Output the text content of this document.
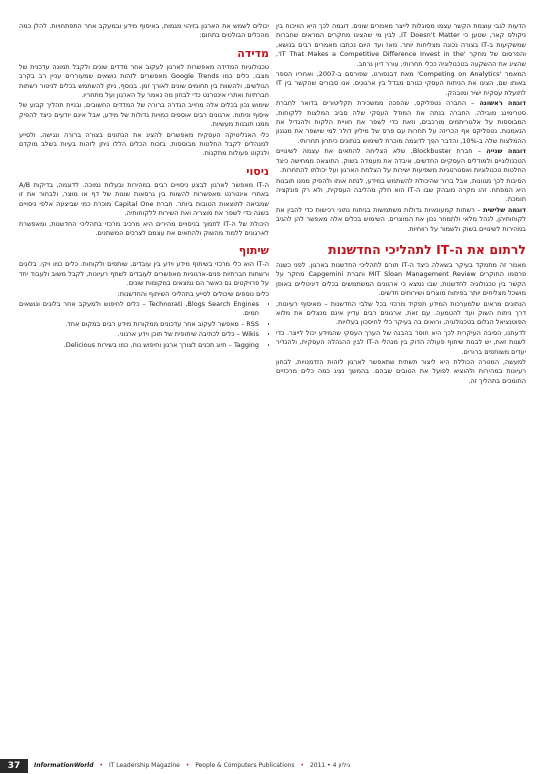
הדעות לגבי עוצמת הקשר עצמו מסוגלות לייצר מאמרים שונים. דוגמה לכך היא הוויכוח בין ניקולס קאר, שטען כי IT Doesn't Matter, לבין מי שהציגו מחקרים המראים שחברות שמשקיעות ב-IT בצורה נכונה מצליחות יותר. מאז ועד היום נכתבו מאמרים רבים בנושא, והפרסום של מחקר 'IT That Makes a Competitive Difference Invest in the', שהציג את ההשקעה בטכנולוגיה ככלי תחרותי, עורר דיון נרחב.

המאמר 'Competing on Analytics' מאת דבנפורט, שפורסם ב-2007, ואחריו הספר באותו שם, הציגו את הניתוח העסקי כגורם מבדל בין ארגונים. אנו סבורים שהקשר בין IT לתועלת עסקית ישיר ומובהק.

דוגמה ראשונה – החברה נטפליקס, שהפכה ממשכירת תקליטורים בדואר לחברת סטרימינג מובילה. החברה בנתה את המודל העסקי שלה סביב המלצות ללקוחות, המבוססות על אלגוריתמים מורכבים, וזאת כדי לשפר את חוויית הלקוח ולהגדיל את הנאמנות. נטפליקס אף הכריזה על תחרות עם פרס של מיליון דולר למי שישפר את מנגנון ההמלצות שלה ב-10%, והדבר הפך לדוגמה מוכרת לשימוש בנתונים כיתרון תחרותי.

דוגמה שנייה – חברת Blockbuster, שלא הצליחה להתאים את עצמה לשינויים הטכנולוגיים ולמודלים העסקיים החדשים, איבדה את מעמדה בשוק. התוצאה ממחישה כיצד החלטות טכנולוגיות ואסטרטגיות משפיעות ישירות על הצלחת הארגון ועל יכולתו להתחרות.

הסיבות לכך מגוונות, אבל ברור שהיכולת להשתמש במידע, לנתח אותו ולהפיק ממנו תובנות היא המפתח. זהו מקרה מובהק שבו ה-IT הוא חלק מהליבה העסקית, ולא רק פונקציה תומכת.

דוגמה שלישית – רשתות קמעונאיות גדולות משתמשות בניתוח נתוני רכישות כדי להבין את לקוחותיהן, לנהל מלאי ולתמחר נכון את המוצרים. השימוש בכלים אלה מאפשר להן להגיב במהירות לשינויים בשוק ולשמור על רווחיות.

לרתום את ה-IT לתהליכי החדשנות

מאמר זה מתמקד בעיקר בשאלה כיצד ה-IT תורם לתהליכי החדשנות בארגון. לפני כשנה פרסמו החוקרים MIT Sloan Management Review וחברת Capgemini מחקר על הקשר בין טכנולוגיה לחדשנות, שבו נמצא כי ארגונים המשתמשים בכלים דיגיטליים באופן מושכל מצליחים יותר בפיתוח מוצרים ושירותים חדשים.

הנתונים מראים שלמערכות המידע תפקיד מרכזי בכל שלבי החדשנות – מאיסוף רעיונות, דרך ניתוח השוק ועד להטמעה. עם זאת, ארגונים רבים עדיין אינם מנצלים את מלוא הפוטנציאל הגלום בטכנולוגיה, ורואים בה בעיקר כלי לחיסכון בעלויות.

לדעתנו, הסיבה העיקרית לכך היא חוסר בהבנה של הערך העסקי שהמידע יכול לייצר. כדי לשנות זאת, יש לבנות שיתוף פעולה הדוק בין מנהלי ה-IT לבין ההנהלה העסקית, ולהגדיר יעדים משותפים ברורים.

למעשה, המטרה הכוללת היא ליצור תשתית שתאפשר לארגון לזהות הזדמנויות, לבחון רעיונות במהירות ולהוציא לפועל את הטובים שבהם. בהמשך נציג כמה כלים מרכזיים התומכים בתהליך זה.

יכולים לשמש את הארגון בזיהוי מגמות, באיסוף מידע ובמעקב אחר התפתחויות. להלן כמה מהכלים הבולטים בתחום:

מדידה

טכנולוגיות המדידה מאפשרות לארגון לעקוב אחר מדדים שונים ולקבל תמונה עדכנית של מצבו. כלים כמו Google Trends מאפשרים לזהות נושאים שמעוררים עניין רב בקרב הגולשים, ולהשוות בין תחומים שונים לאורך זמן. בנוסף, ניתן להשתמש בכלים לניטור רשתות חברתיות ואתרי אינטרנט כדי לבחון מה נאמר על הארגון ועל מתחריו.

שימוש נכון בכלים אלה מחייב הגדרה ברורה של המדדים החשובים, ובניית תהליך קבוע של איסוף וניתוח. ארגונים רבים אוספים כמויות גדולות של מידע, אבל אינם יודעים כיצד להפיק ממנו תובנות מעשיות.

כלי האנליטיקה העסקית מאפשרים להציג את הנתונים בצורה ברורה ונגישה, ולסייע למנהלים לקבל החלטות מבוססות. בזכות הכלים הללו ניתן לזהות בעיות בשלב מוקדם ולנקוט פעולות מתקנות.

ניסוי

ה-IT מאפשר לארגון לבצע ניסויים רבים במהירות ובעלות נמוכה. לדוגמה, בדיקות A/B באתרי אינטרנט מאפשרות להשוות בין גרסאות שונות של דף או מוצר, ולבחור את זו שמביאה לתוצאות הטובות ביותר. חברת Capital One מוכרת כמי שביצעה אלפי ניסויים בשנה כדי לשפר את מוצריה ואת השירות ללקוחותיה.

היכולת של ה-IT לתמוך בניסויים מהירים היא מרכיב מרכזי בתהליכי החדשנות, ומאפשרת לארגונים ללמוד מהשוק ולהתאים את עצמם לצרכים המשתנים.

שיתוף

ה-IT הוא כלי מרכזי בשיתוף מידע וידע בין עובדים, שותפים ולקוחות. כלים כמו ויקי, בלוגים ורשתות חברתיות פנים-ארגוניות מאפשרים לעובדים לשתף רעיונות, לקבל משוב ולעבוד יחד על פרויקטים גם כאשר הם נמצאים במקומות שונים.

כלים נוספים שיכולים לסייע בתהליכי השיתוף והחדשנות:

• Technorati ,Blogs Search Engines – כלים לחיפוש ולמעקב אחר בלוגים ונושאים חמים.
• RSS – מאפשר לעקוב אחר עדכונים ממקורות מידע רבים במקום אחד.
• Wikis – כלים לכתיבה שיתופית של תוכן וידע ארגוני.
• Tagging – תיוג תכנים לצורך ארגון וחיפוש נוח, כמו בשירות Delicious.
37	InformationWorld • IT Leadership Magazine • People & Computers Publications • גיליון 4 • 2011
